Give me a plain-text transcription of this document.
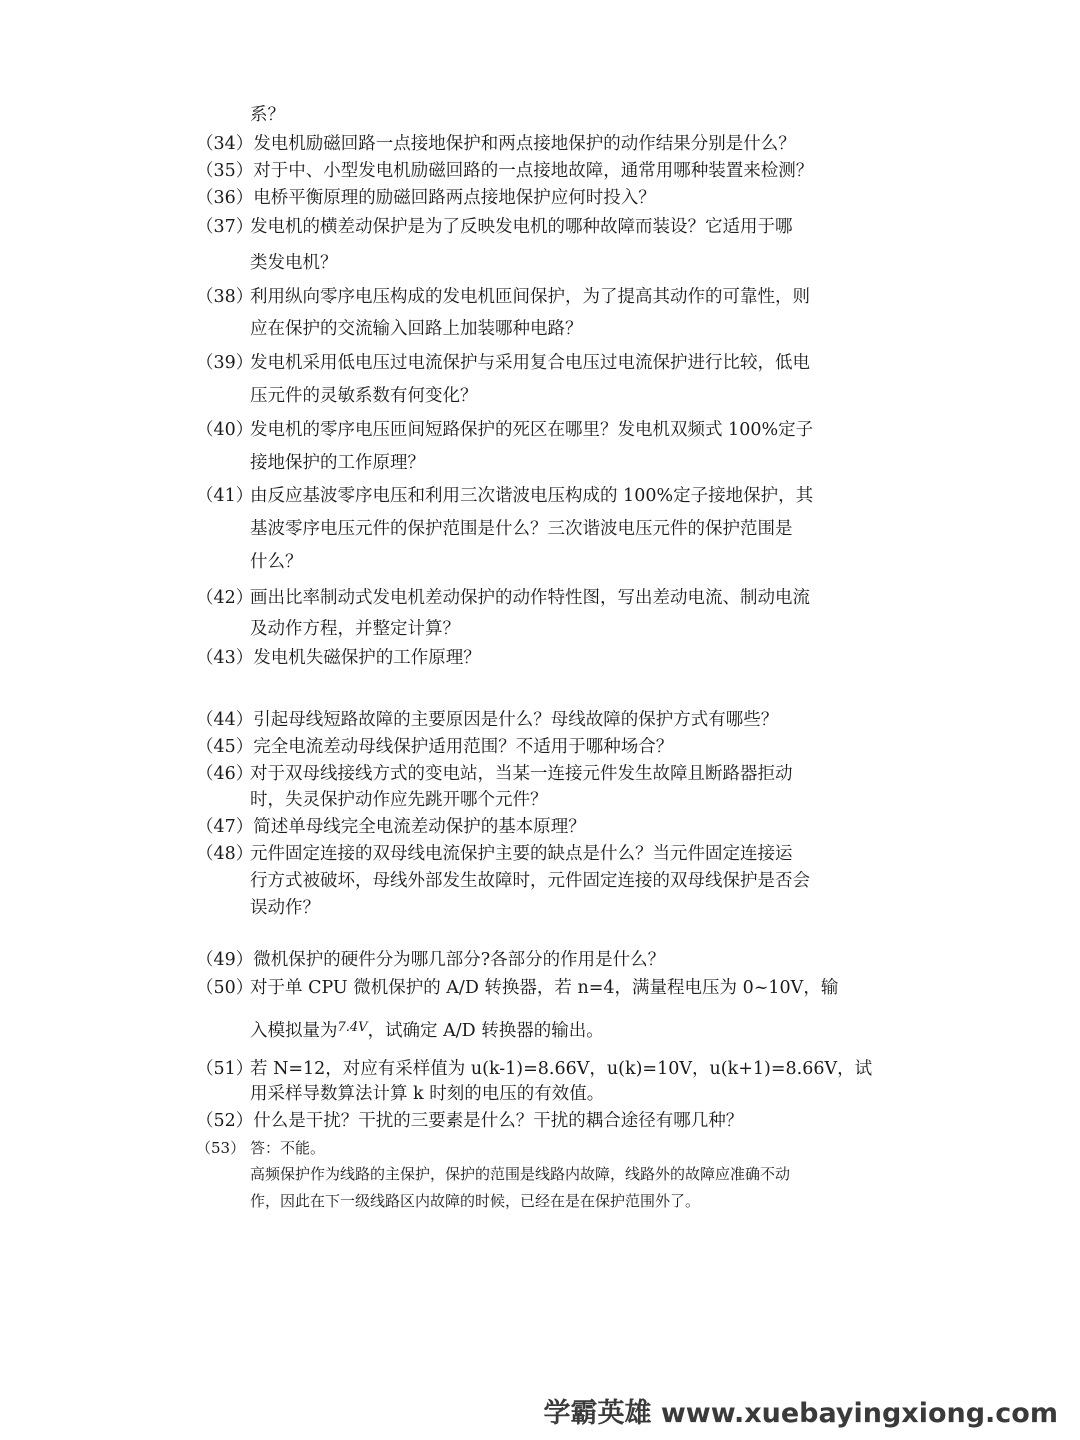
系？
（34）发电机励磁回路一点接地保护和两点接地保护的动作结果分别是什么？
（35）对于中、小型发电机励磁回路的一点接地故障，通常用哪种装置来检测？
（36）电桥平衡原理的励磁回路两点接地保护应何时投入？
（37）
发电机的横差动保护是为了反映发电机的哪种故障而装设？它适用于哪
类发电机？
（38）
利用纵向零序电压构成的发电机匝间保护，为了提高其动作的可靠性，则
应在保护的交流输入回路上加装哪种电路？
（39）
发电机采用低电压过电流保护与采用复合电压过电流保护进行比较，低电
压元件的灵敏系数有何变化？
（40）
发电机的零序电压匝间短路保护的死区在哪里？发电机双频式 100%定子
接地保护的工作原理？
（41）
由反应基波零序电压和利用三次谐波电压构成的 100%定子接地保护，其
基波零序电压元件的保护范围是什么？三次谐波电压元件的保护范围是
什么？
（42）
画出比率制动式发电机差动保护的动作特性图，写出差动电流、制动电流
及动作方程，并整定计算？
（43）发电机失磁保护的工作原理？
（44）引起母线短路故障的主要原因是什么？母线故障的保护方式有哪些？
（45）完全电流差动母线保护适用范围？不适用于哪种场合？
（46）
对于双母线接线方式的变电站，当某一连接元件发生故障且断路器拒动
时，失灵保护动作应先跳开哪个元件？
（47）简述单母线完全电流差动保护的基本原理？
（48）
元件固定连接的双母线电流保护主要的缺点是什么？当元件固定连接运
行方式被破坏，母线外部发生故障时，元件固定连接的双母线保护是否会
误动作？
（49）微机保护的硬件分为哪几部分?各部分的作用是什么？
（50）
对于单 CPU 微机保护的 A/D 转换器，若 n=4，满量程电压为 0~10V，输
入模拟量为$^{7.4V}$，试确定 A/D 转换器的输出。
（51）
若 N=12，对应有采样值为 u(k-1)=8.66V，u(k)=10V，u(k+1)=8.66V，试
用采样导数算法计算 k 时刻的电压的有效值。
（52）什么是干扰？干扰的三要素是什么？干扰的耦合途径有哪几种？
（53） 答：不能。
高频保护作为线路的主保护，保护的范围是线路内故障，线路外的故障应准确不动
作，因此在下一级线路区内故障的时候，已经在是在保护范围外了。
学霸英雄 www.xuebayingxiong.com
